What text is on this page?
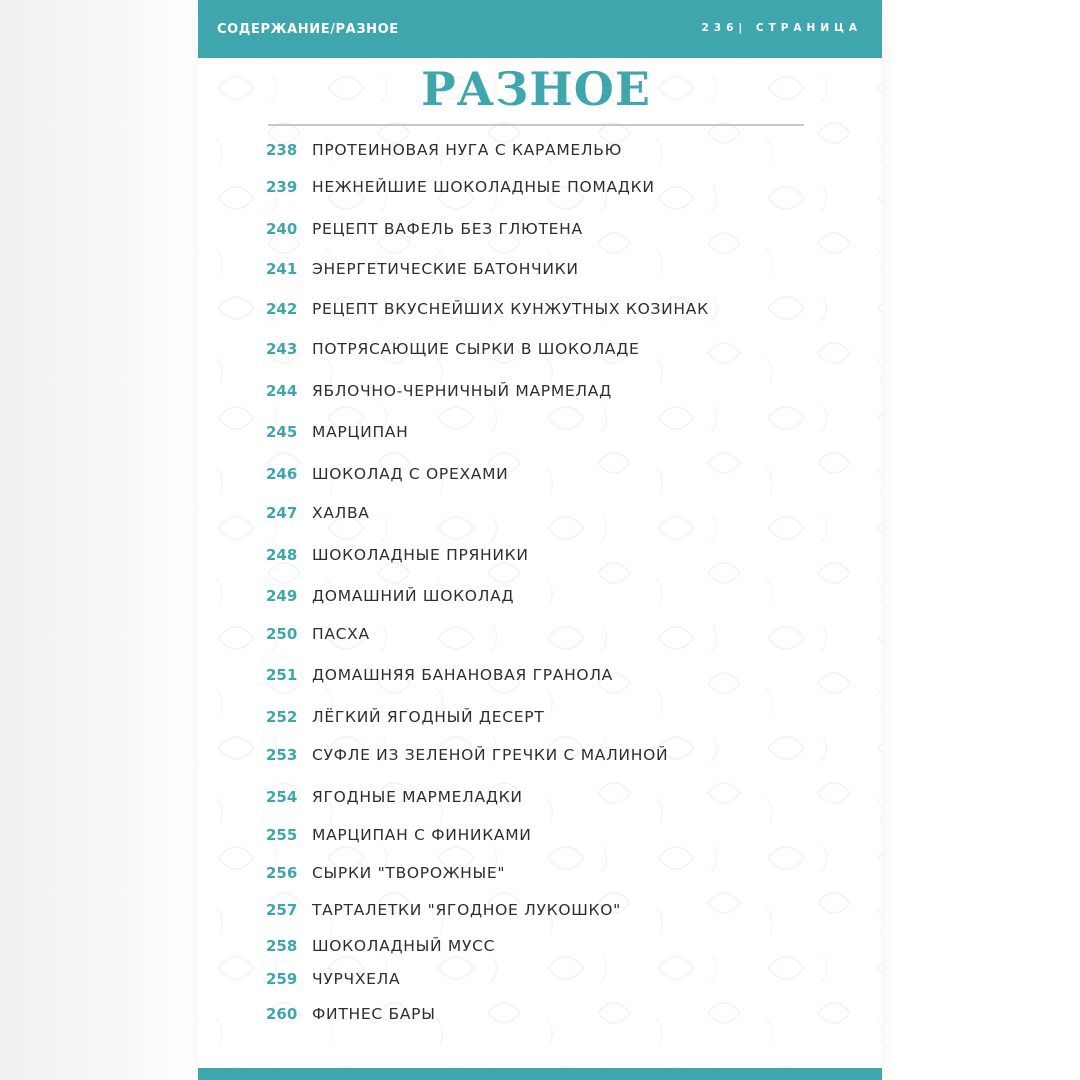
СОДЕРЖАНИЕ/РАЗНОЕ	236| СТРАНИЦА
РАЗНОЕ
238 ПРОТЕИНОВАЯ НУГА С КАРАМЕЛЬЮ
239 НЕЖНЕЙШИЕ ШОКОЛАДНЫЕ ПОМАДКИ
240 РЕЦЕПТ ВАФЕЛЬ БЕЗ ГЛЮТЕНА
241 ЭНЕРГЕТИЧЕСКИЕ БАТОНЧИКИ
242 РЕЦЕПТ ВКУСНЕЙШИХ КУНЖУТНЫХ КОЗИНАК
243 ПОТРЯСАЮЩИЕ СЫРКИ В ШОКОЛАДЕ
244 ЯБЛОЧНО-ЧЕРНИЧНЫЙ МАРМЕЛАД
245 МАРЦИПАН
246 ШОКОЛАД С ОРЕХАМИ
247 ХАЛВА
248 ШОКОЛАДНЫЕ ПРЯНИКИ
249 ДОМАШНИЙ ШОКОЛАД
250 ПАСХА
251 ДОМАШНЯЯ БАНАНОВАЯ ГРАНОЛА
252 ЛЁГКИЙ ЯГОДНЫЙ ДЕСЕРТ
253 СУФЛЕ ИЗ ЗЕЛЕНОЙ ГРЕЧКИ С МАЛИНОЙ
254 ЯГОДНЫЕ МАРМЕЛАДКИ
255 МАРЦИПАН С ФИНИКАМИ
256 СЫРКИ "ТВОРОЖНЫЕ"
257 ТАРТАЛЕТКИ "ЯГОДНОЕ ЛУКОШКО"
258 ШОКОЛАДНЫЙ МУСС
259 ЧУРЧХЕЛА
260 ФИТНЕС БАРЫ
